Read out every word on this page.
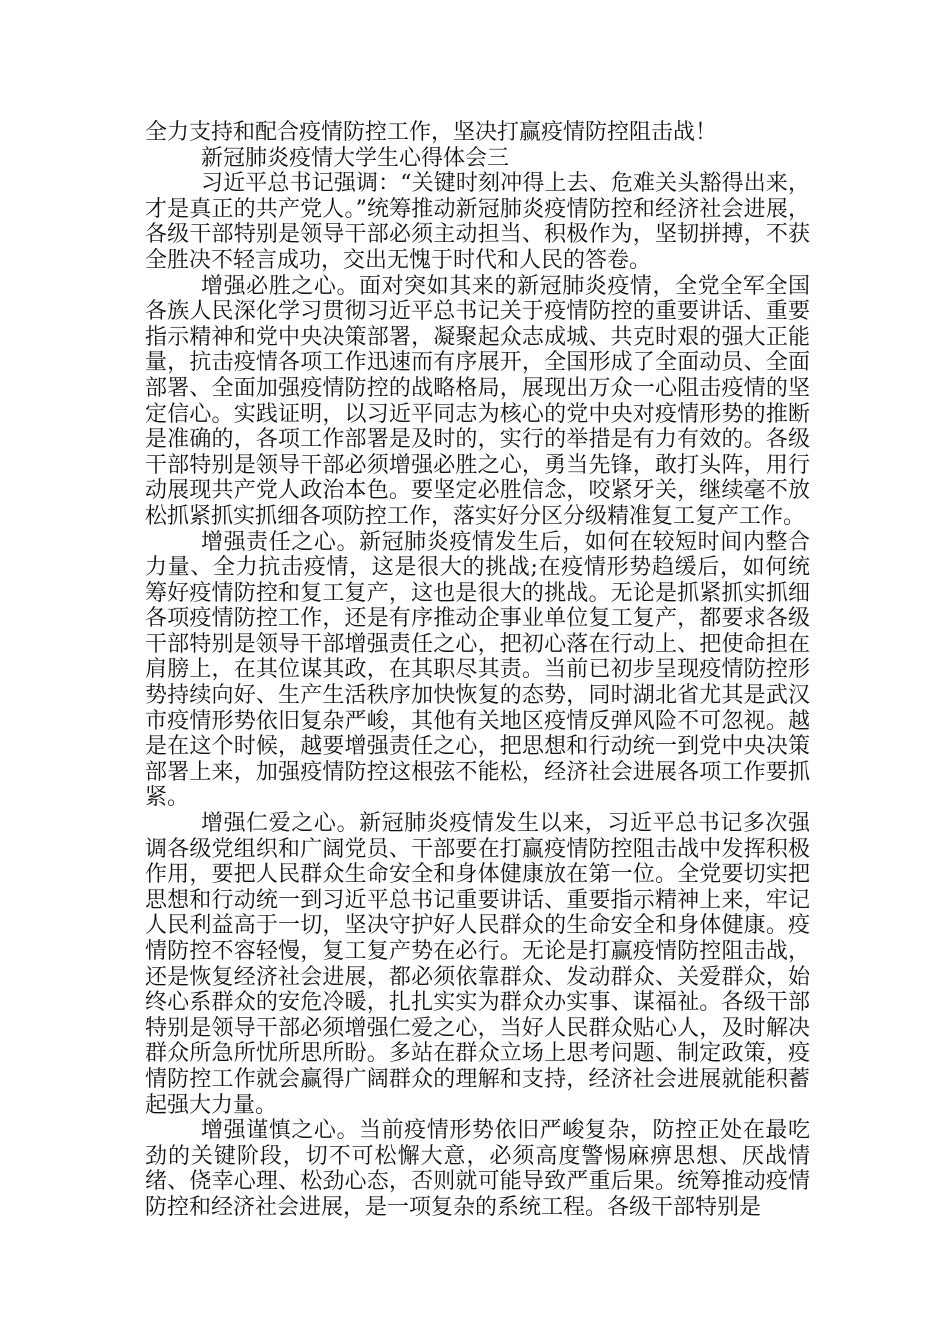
全力支持和配合疫情防控工作，坚决打赢疫情防控阻击战！

新冠肺炎疫情大学生心得体会三

习近平总书记强调：“关键时刻冲得上去、危难关头豁得出来，才是真正的共产党人。”统筹推动新冠肺炎疫情防控和经济社会进展，各级干部特别是领导干部必须主动担当、积极作为，坚韧拼搏，不获全胜决不轻言成功，交出无愧于时代和人民的答卷。

增强必胜之心。面对突如其来的新冠肺炎疫情，全党全军全国各族人民深化学习贯彻习近平总书记关于疫情防控的重要讲话、重要指示精神和党中央决策部署，凝聚起众志成城、共克时艰的强大正能量，抗击疫情各项工作迅速而有序展开，全国形成了全面动员、全面部署、全面加强疫情防控的战略格局，展现出万众一心阻击疫情的坚定信心。实践证明，以习近平同志为核心的党中央对疫情形势的推断是准确的，各项工作部署是及时的，实行的举措是有力有效的。各级干部特别是领导干部必须增强必胜之心，勇当先锋，敢打头阵，用行动展现共产党人政治本色。要坚定必胜信念，咬紧牙关，继续毫不放松抓紧抓实抓细各项防控工作，落实好分区分级精准复工复产工作。

增强责任之心。新冠肺炎疫情发生后，如何在较短时间内整合力量、全力抗击疫情，这是很大的挑战;在疫情形势趋缓后，如何统筹好疫情防控和复工复产，这也是很大的挑战。无论是抓紧抓实抓细各项疫情防控工作，还是有序推动企事业单位复工复产，都要求各级干部特别是领导干部增强责任之心，把初心落在行动上、把使命担在肩膀上，在其位谋其政，在其职尽其责。当前已初步呈现疫情防控形势持续向好、生产生活秩序加快恢复的态势，同时湖北省尤其是武汉市疫情形势依旧复杂严峻，其他有关地区疫情反弹风险不可忽视。越是在这个时候，越要增强责任之心，把思想和行动统一到党中央决策部署上来，加强疫情防控这根弦不能松，经济社会进展各项工作要抓紧。

增强仁爱之心。新冠肺炎疫情发生以来，习近平总书记多次强调各级党组织和广阔党员、干部要在打赢疫情防控阻击战中发挥积极作用，要把人民群众生命安全和身体健康放在第一位。全党要切实把思想和行动统一到习近平总书记重要讲话、重要指示精神上来，牢记人民利益高于一切，坚决守护好人民群众的生命安全和身体健康。疫情防控不容轻慢，复工复产势在必行。无论是打赢疫情防控阻击战，还是恢复经济社会进展，都必须依靠群众、发动群众、关爱群众，始终心系群众的安危冷暖，扎扎实实为群众办实事、谋福祉。各级干部特别是领导干部必须增强仁爱之心，当好人民群众贴心人，及时解决群众所急所忧所思所盼。多站在群众立场上思考问题、制定政策，疫情防控工作就会赢得广阔群众的理解和支持，经济社会进展就能积蓄起强大力量。

增强谨慎之心。当前疫情形势依旧严峻复杂，防控正处在最吃劲的关键阶段，切不可松懈大意，必须高度警惕麻痹思想、厌战情绪、侥幸心理、松劲心态，否则就可能导致严重后果。统筹推动疫情防控和经济社会进展，是一项复杂的系统工程。各级干部特别是
